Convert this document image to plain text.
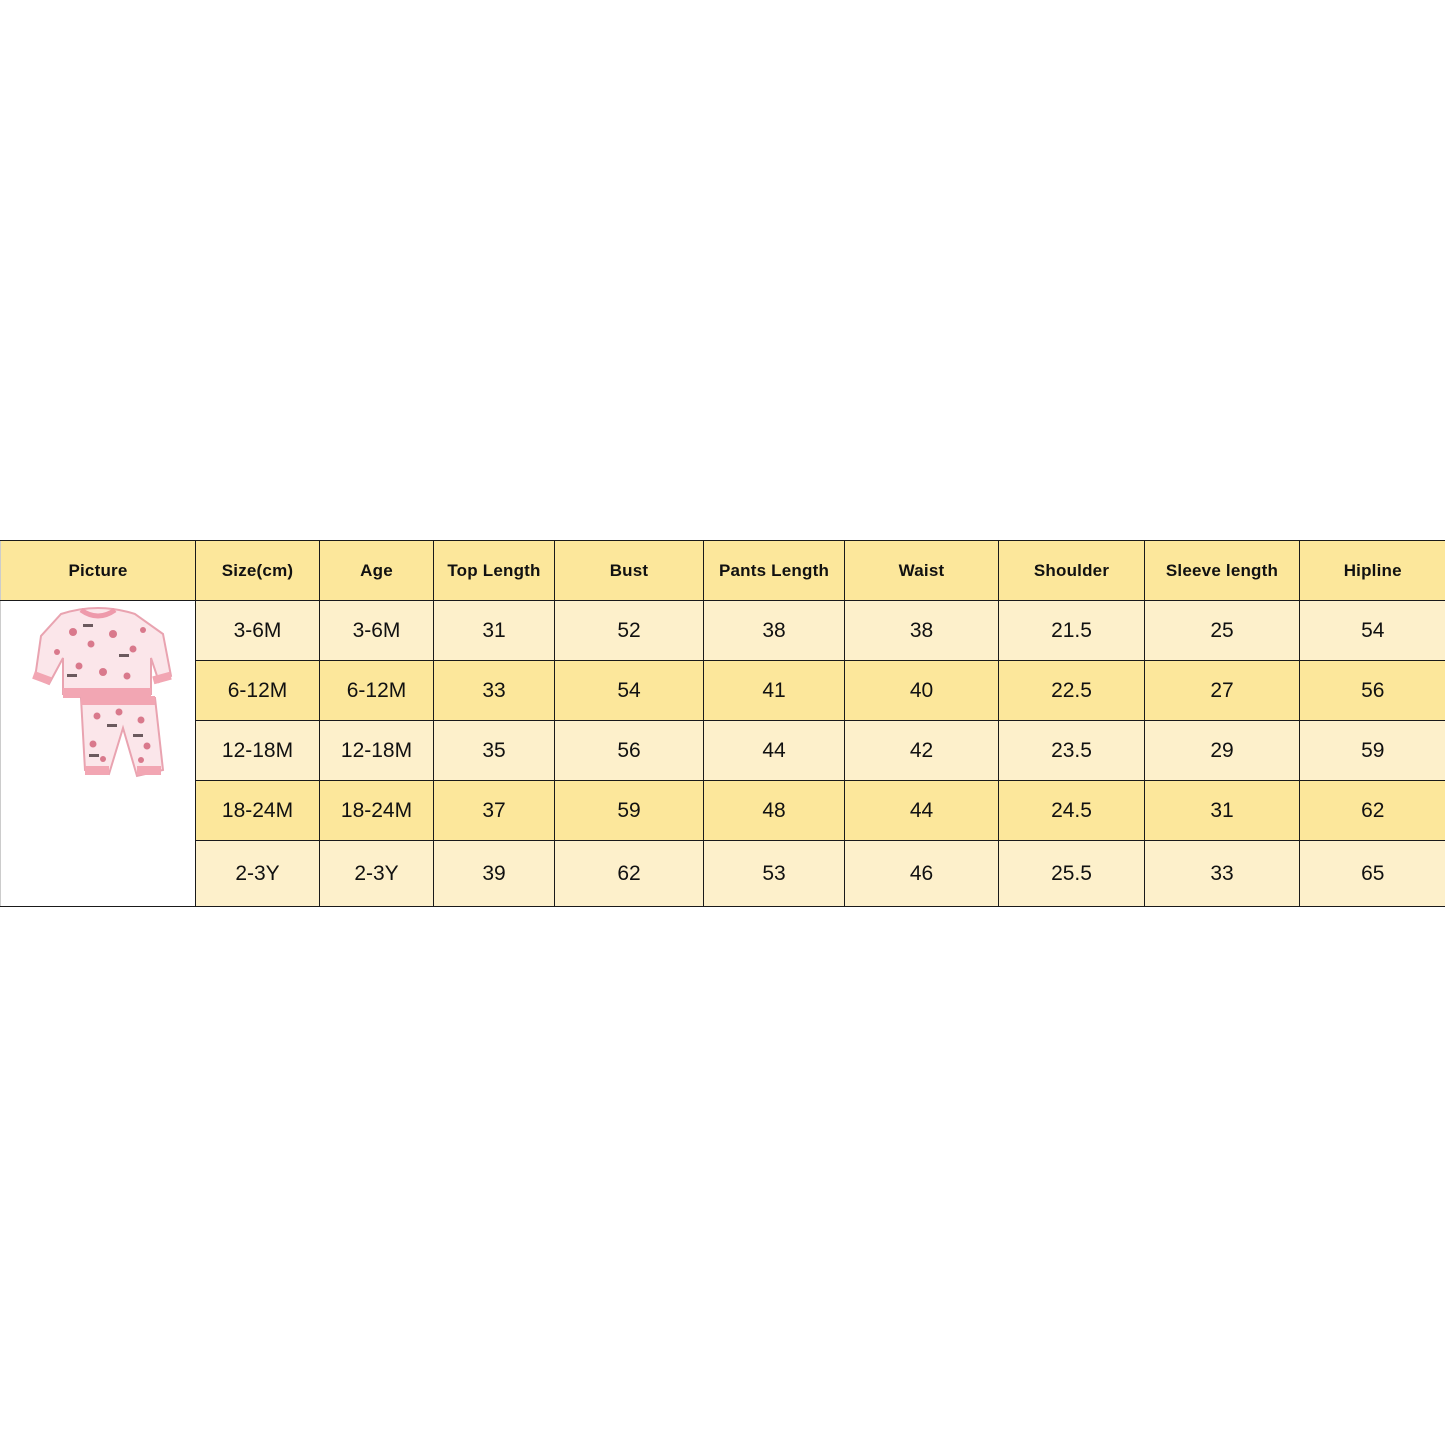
Picture	Size(cm)	Age	Top Length	Bust	Pants Length	Waist	Shoulder	Sleeve length	Hipline

	3-6M	3-6M	31	52	38	38	21.5	25	54
	6-12M	6-12M	33	54	41	40	22.5	27	56
	12-18M	12-18M	35	56	44	42	23.5	29	59
	18-24M	18-24M	37	59	48	44	24.5	31	62
	2-3Y	2-3Y	39	62	53	46	25.5	33	65
